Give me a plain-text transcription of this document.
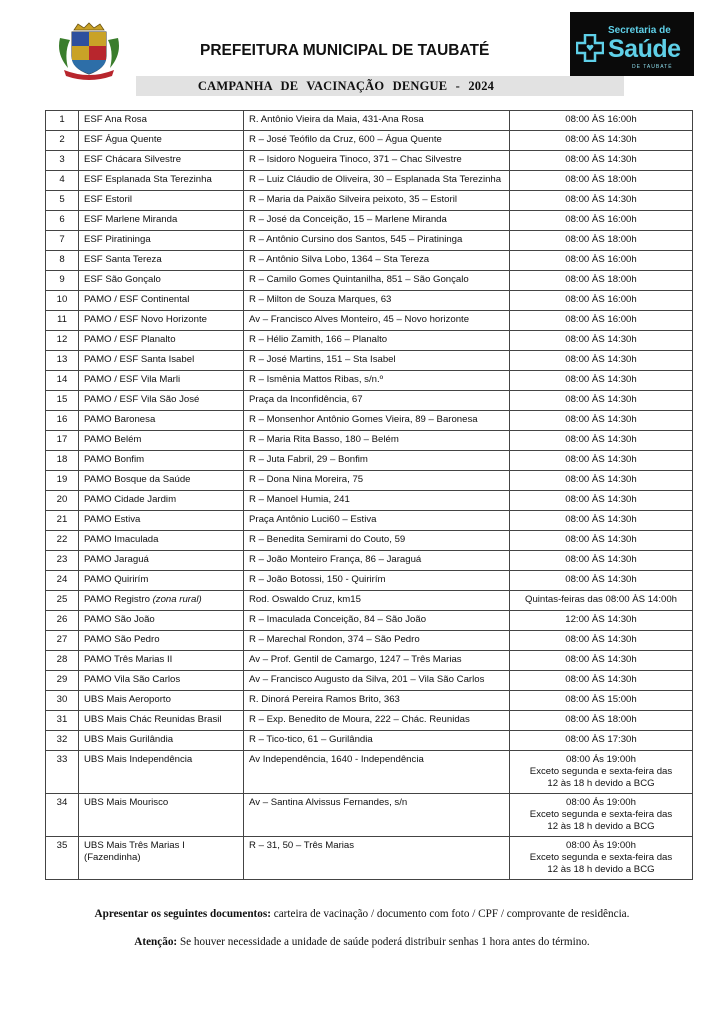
Secretaria de
Saúde
DE TAUBATÉ
PREFEITURA MUNICIPAL DE TAUBATÉ
CAMPANHA DE VACINAÇÃO DENGUE - 2024
1	ESF Ana Rosa	R. Antônio Vieira da Maia, 431-Ana Rosa	08:00 ÀS 16:00h

2	ESF Água Quente	R – José Teófilo da Cruz, 600 – Água Quente	08:00 ÀS 14:30h

3	ESF Chácara Silvestre	R – Isidoro Nogueira Tinoco, 371 – Chac Silvestre	08:00 ÀS 14:30h

4	ESF Esplanada Sta Terezinha	R – Luiz Cláudio de Oliveira, 30 – Esplanada Sta Terezinha	08:00 ÀS 18:00h

5	ESF Estoril	R – Maria da Paixão Silveira peixoto, 35 – Estoril	08:00 ÀS 14:30h

6	ESF Marlene Miranda	R – José da Conceição, 15 – Marlene Miranda	08:00 ÀS 16:00h

7	ESF Piratininga	R – Antônio Cursino dos Santos, 545 – Piratininga	08:00 ÀS 18:00h

8	ESF Santa Tereza	R – Antônio Silva Lobo, 1364 – Sta Tereza	08:00 ÀS 16:00h

9	ESF São Gonçalo	R – Camilo Gomes Quintanilha, 851 – São Gonçalo	08:00 ÀS 18:00h

10	PAMO / ESF Continental	R – Milton de Souza Marques, 63	08:00 ÀS 16:00h

11	PAMO / ESF Novo Horizonte	Av – Francisco Alves Monteiro, 45 – Novo horizonte	08:00 ÀS 16:00h

12	PAMO / ESF Planalto	R – Hélio Zamith, 166 – Planalto	08:00 ÀS 14:30h

13	PAMO / ESF Santa Isabel	R – José Martins, 151 – Sta Isabel	08:00 ÀS 14:30h

14	PAMO / ESF Vila Marli	R – Ismênia Mattos Ribas, s/n.º	08:00 ÀS 14:30h

15	PAMO / ESF Vila São José	Praça da Inconfidência, 67	08:00 ÀS 14:30h

16	PAMO Baronesa	R – Monsenhor Antônio Gomes Vieira, 89 – Baronesa	08:00 ÀS 14:30h

17	PAMO Belém	R – Maria Rita Basso, 180 – Belém	08:00 ÀS 14:30h

18	PAMO Bonfim	R – Juta Fabril, 29 – Bonfim	08:00 ÀS 14:30h

19	PAMO Bosque da Saúde	R – Dona Nina Moreira, 75	08:00 ÀS 14:30h

20	PAMO Cidade Jardim	R – Manoel Humia, 241	08:00 ÀS 14:30h

21	PAMO Estiva	Praça Antônio Luci60 – Estiva	08:00 ÀS 14:30h

22	PAMO Imaculada	R – Benedita Semirami do Couto, 59	08:00 ÀS 14:30h

23	PAMO Jaraguá	R – João Monteiro França, 86 – Jaraguá	08:00 ÀS 14:30h

24	PAMO Quirirím	R – João Botossi, 150 - Quirirím	08:00 ÀS 14:30h

25	PAMO Registro (zona rural)	Rod. Oswaldo Cruz, km15	Quintas-feiras das 08:00 ÀS 14:00h

26	PAMO São João	R – Imaculada Conceição, 84 – São João	12:00 ÀS 14:30h

27	PAMO São Pedro	R – Marechal Rondon, 374 – São Pedro	08:00 ÀS 14:30h

28	PAMO Três Marias II	Av – Prof. Gentil de Camargo, 1247 – Três Marias	08:00 ÀS 14:30h

29	PAMO Vila São Carlos	Av – Francisco Augusto da Silva, 201 – Vila São Carlos	08:00 ÀS 14:30h

30	UBS Mais Aeroporto	R. Dinorá Pereira Ramos Brito, 363	08:00 ÀS 15:00h

31	UBS Mais Chác Reunidas Brasil	R – Exp. Benedito de Moura, 222 – Chác. Reunidas	08:00 ÀS 18:00h

32	UBS Mais Gurilândia	R – Tico-tico, 61 – Gurilândia	08:00 ÀS 17:30h

33	UBS Mais Independência	Av Independência, 1640 - Independência	08:00 Ás 19:00h
Exceto segunda e sexta-feira das
12 às 18 h devido a BCG

34	UBS Mais Mourisco	Av – Santina Alvissus Fernandes, s/n	08:00 Ás 19:00h
Exceto segunda e sexta-feira das
12 às 18 h devido a BCG

35	UBS Mais Três Marias I
(Fazendinha)	R – 31, 50 – Três Marias	08:00 Às 19:00h
Exceto segunda e sexta-feira das
12 às 18 h devido a BCG
Apresentar os seguintes documentos: carteira de vacinação / documento com foto / CPF / comprovante de residência.
Atenção: Se houver necessidade a unidade de saúde poderá distribuir senhas 1 hora antes do término.
